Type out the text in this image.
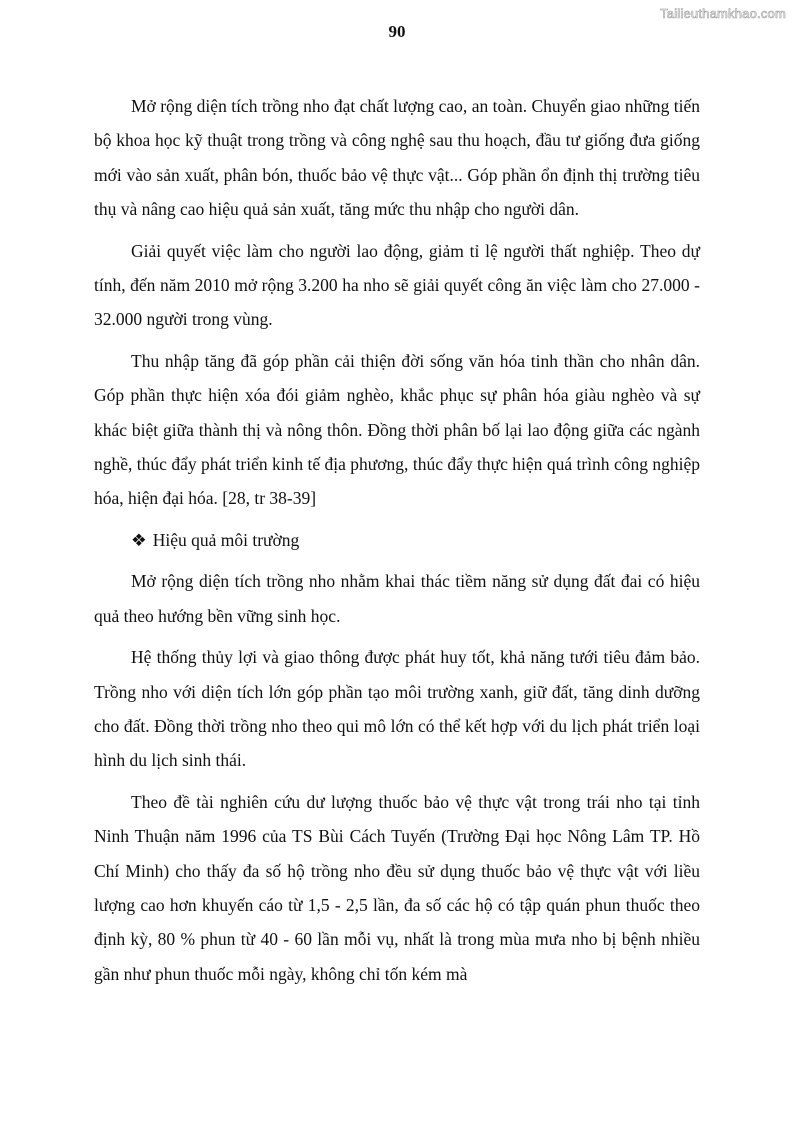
Tailieuthamkhao.com
90

Mở rộng diện tích trồng nho đạt chất lượng cao, an toàn. Chuyển giao những tiến bộ khoa học kỹ thuật trong trồng và công nghệ sau thu hoạch, đầu tư giống đưa giống mới vào sản xuất, phân bón, thuốc bảo vệ thực vật... Góp phần ổn định thị trường tiêu thụ và nâng cao hiệu quả sản xuất, tăng mức thu nhập cho người dân.

Giải quyết việc làm cho người lao động, giảm tỉ lệ người thất nghiệp. Theo dự tính, đến năm 2010 mở rộng 3.200 ha nho sẽ giải quyết công ăn việc làm cho 27.000 - 32.000 người trong vùng.

Thu nhập tăng đã góp phần cải thiện đời sống văn hóa tinh thần cho nhân dân. Góp phần thực hiện xóa đói giảm nghèo, khắc phục sự phân hóa giàu nghèo và sự khác biệt giữa thành thị và nông thôn. Đồng thời phân bố lại lao động giữa các ngành nghề, thúc đẩy phát triển kinh tế địa phương, thúc đẩy thực hiện quá trình công nghiệp hóa, hiện đại hóa. [28, tr 38-39]

❖ Hiệu quả môi trường

Mở rộng diện tích trồng nho nhằm khai thác tiềm năng sử dụng đất đai có hiệu quả theo hướng bền vững sinh học.

Hệ thống thủy lợi và giao thông được phát huy tốt, khả năng tưới tiêu đảm bảo. Trồng nho với diện tích lớn góp phần tạo môi trường xanh, giữ đất, tăng dinh dưỡng cho đất. Đồng thời trồng nho theo qui mô lớn có thể kết hợp với du lịch phát triển loại hình du lịch sinh thái.

Theo đề tài nghiên cứu dư lượng thuốc bảo vệ thực vật trong trái nho tại tỉnh Ninh Thuận năm 1996 của TS Bùi Cách Tuyến (Trường Đại học Nông Lâm TP. Hồ Chí Minh) cho thấy đa số hộ trồng nho đều sử dụng thuốc bảo vệ thực vật với liều lượng cao hơn khuyến cáo từ 1,5 - 2,5 lần, đa số các hộ có tập quán phun thuốc theo định kỳ, 80 % phun từ 40 - 60 lần mỗi vụ, nhất là trong mùa mưa nho bị bệnh nhiều gần như phun thuốc mỗi ngày, không chỉ tốn kém mà
